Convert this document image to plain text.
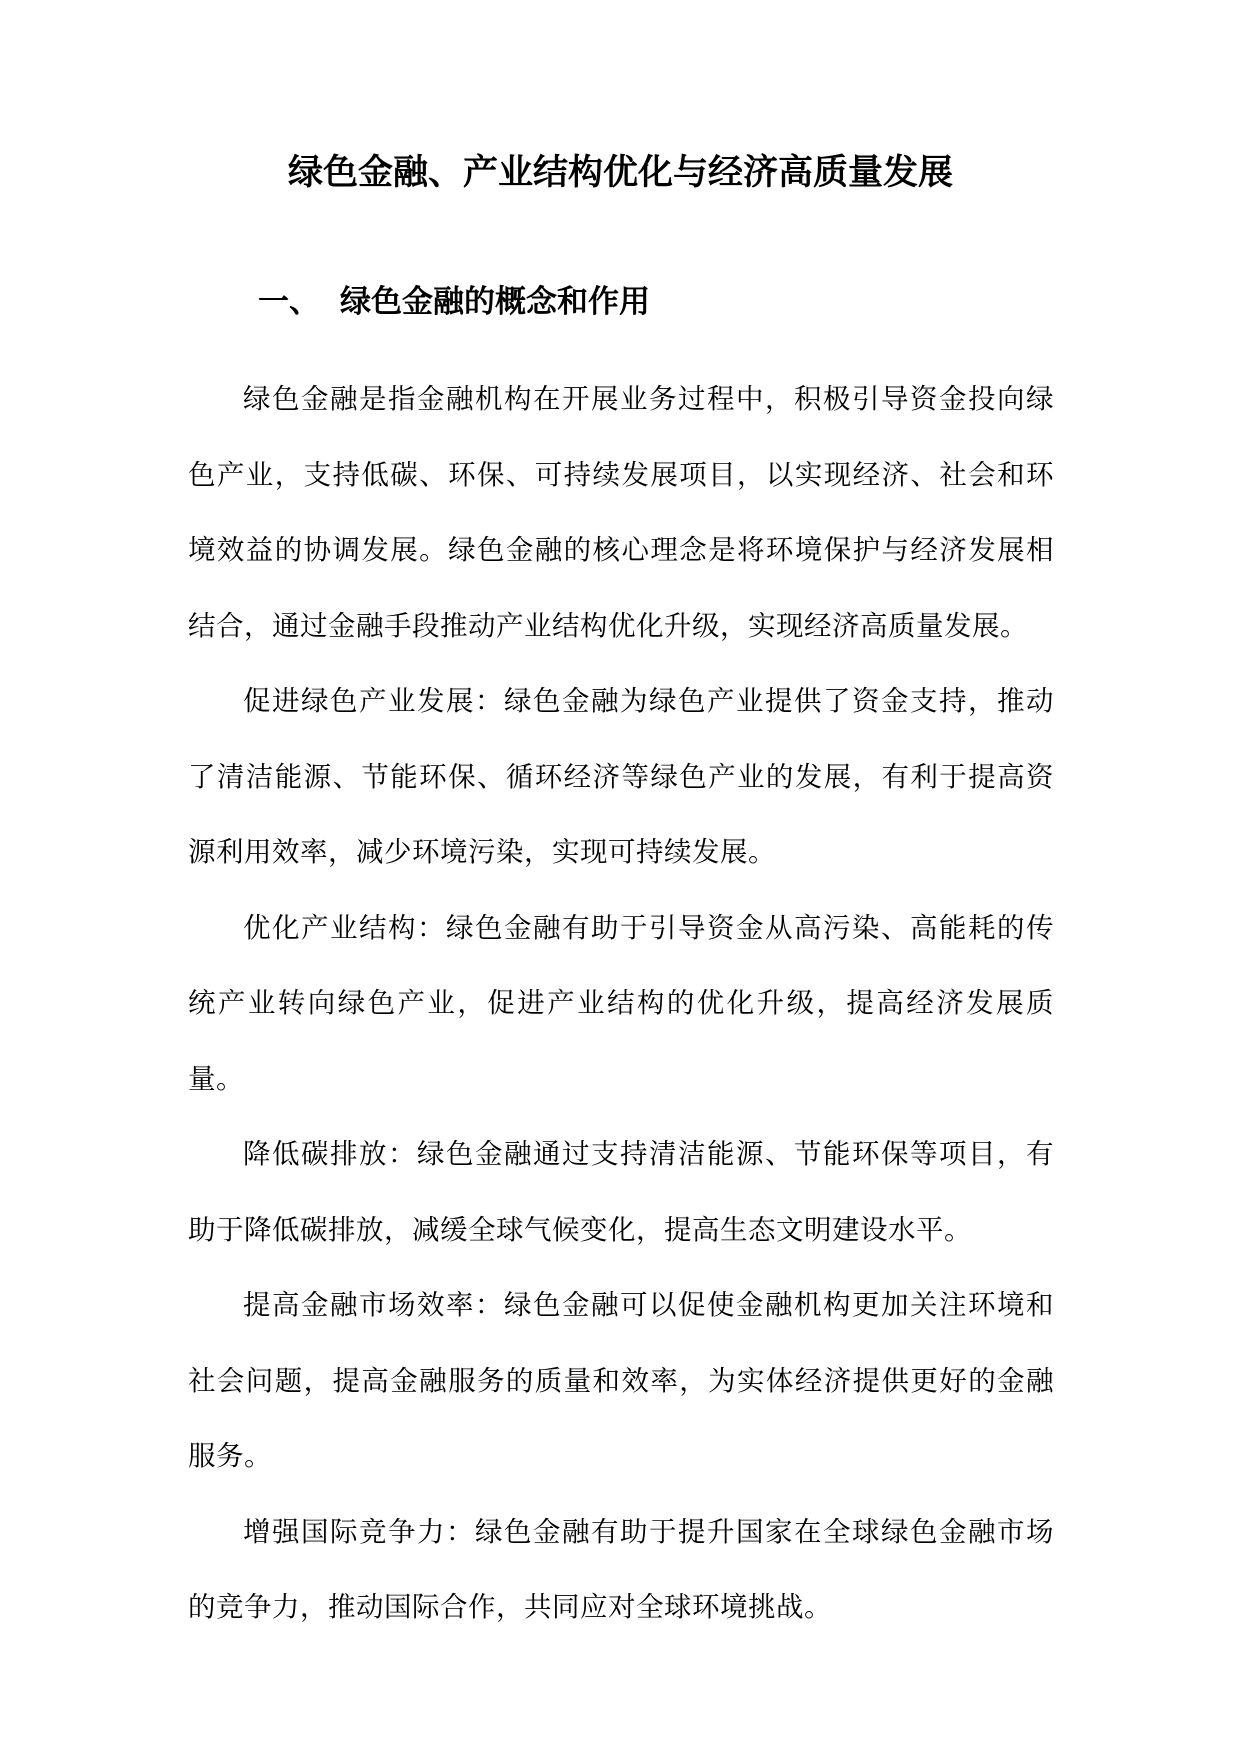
绿色金融、产业结构优化与经济高质量发展
一、 绿色金融的概念和作用

绿色金融是指金融机构在开展业务过程中，积极引导资金投向绿色产业，支持低碳、环保、可持续发展项目，以实现经济、社会和环境效益的协调发展。绿色金融的核心理念是将环境保护与经济发展相结合，通过金融手段推动产业结构优化升级，实现经济高质量发展。

促进绿色产业发展：绿色金融为绿色产业提供了资金支持，推动了清洁能源、节能环保、循环经济等绿色产业的发展，有利于提高资源利用效率，减少环境污染，实现可持续发展。

优化产业结构：绿色金融有助于引导资金从高污染、高能耗的传统产业转向绿色产业，促进产业结构的优化升级，提高经济发展质量。

降低碳排放：绿色金融通过支持清洁能源、节能环保等项目，有助于降低碳排放，减缓全球气候变化，提高生态文明建设水平。

提高金融市场效率：绿色金融可以促使金融机构更加关注环境和社会问题，提高金融服务的质量和效率，为实体经济提供更好的金融服务。

增强国际竞争力：绿色金融有助于提升国家在全球绿色金融市场的竞争力，推动国际合作，共同应对全球环境挑战。
